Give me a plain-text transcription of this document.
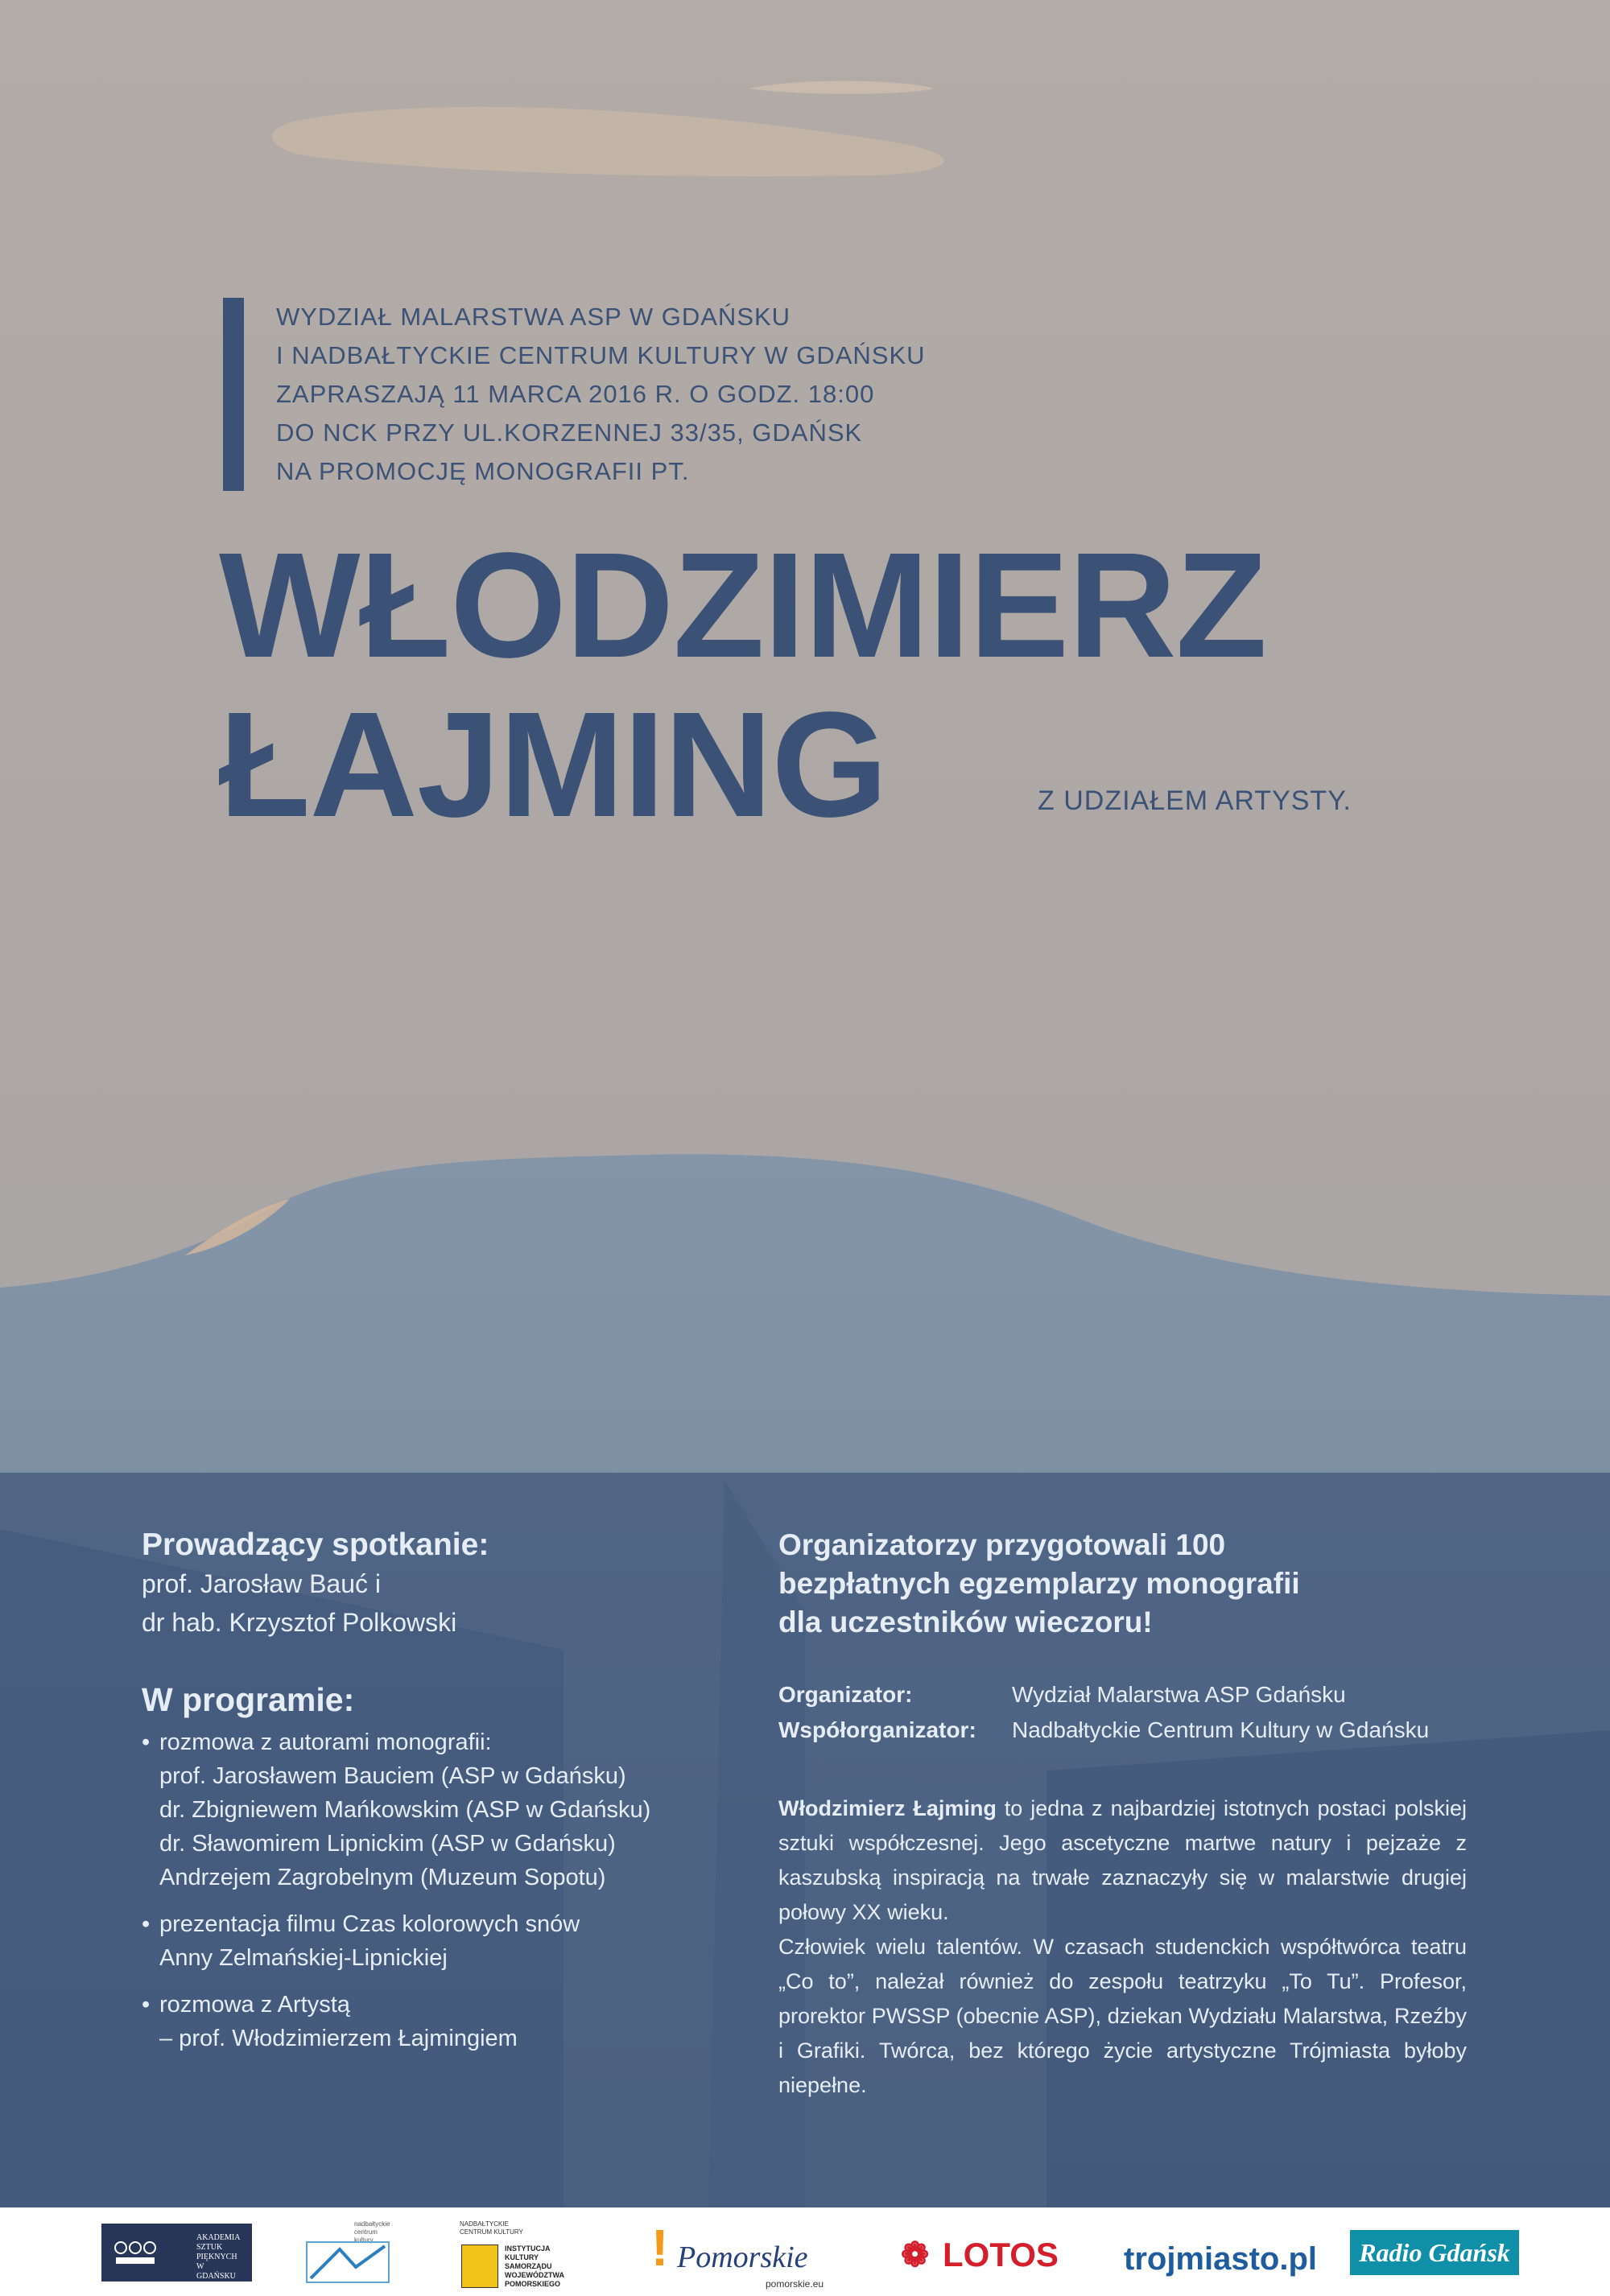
WYDZIAŁ MALARSTWA ASP W GDAŃSKU
I NADBAŁTYCKIE CENTRUM KULTURY W GDAŃSKU
ZAPRASZAJĄ 11 MARCA 2016 R. O GODZ. 18:00
DO NCK PRZY UL.KORZENNEJ 33/35, GDAŃSK
NA PROMOCJĘ MONOGRAFII PT.
WŁODZIMIERZ
ŁAJMING	Z UDZIAŁEM ARTYSTY.
Prowadzący spotkanie:
prof. Jarosław Bauć i
dr hab. Krzysztof Polkowski
W programie:
• rozmowa z autorami monografii:
prof. Jarosławem Bauciem (ASP w Gdańsku)
dr. Zbigniewem Mańkowskim (ASP w Gdańsku)
dr. Sławomirem Lipnickim (ASP w Gdańsku)
Andrzejem Zagrobelnym (Muzeum Sopotu)
• prezentacja filmu Czas kolorowych snów
Anny Zelmańskiej-Lipnickiej
• rozmowa z Artystą
– prof. Włodzimierzem Łajmingiem
Organizatorzy przygotowali 100
bezpłatnych egzemplarzy monografii
dla uczestników wieczoru!
Organizator:	Wydział Malarstwa ASP Gdańsku
Współorganizator:	Nadbałtyckie Centrum Kultury w Gdańsku
Włodzimierz Łajming to jedna z najbardziej istotnych postaci polskiej sztuki współczesnej. Jego ascetyczne martwe natury i pejzaże z kaszubską inspiracją na trwałe zaznaczyły się w malarstwie drugiej połowy XX wieku.
Człowiek wielu talentów. W czasach studenckich współtwórca teatru „Co to”, należał również do zespołu teatrzyku „To Tu”. Profesor, prorektor PWSSP (obecnie ASP), dziekan Wydziału Malarstwa, Rzeźby i Grafiki. Twórca, bez którego życie artystyczne Trójmiasta byłoby niepełne.
AKADEMIA SZTUK PIĘKNYCH W GDAŃSKU
nadbałtyckie centrum kultury
NADBAŁTYCKIE CENTRUM KULTURY
INSTYTUCJA KULTURY SAMORZĄDU WOJEWÓDZTWA POMORSKIEGO
! Pomorskie
pomorskie.eu
❁ LOTOS trojmiasto.pl	Radio Gdańsk
